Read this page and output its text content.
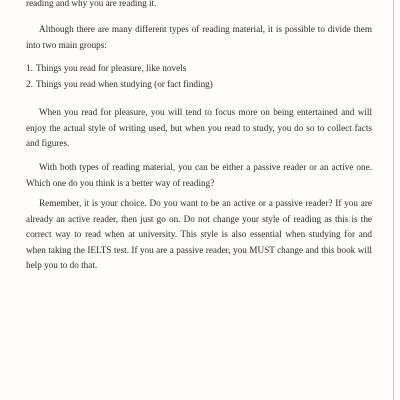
reading and why you are reading it.

Although there are many different types of reading material, it is possible to divide them into two main groups:

1. Things you read for pleasure, like novels
2. Things you read when studying (or fact finding)

When you read for pleasure, you will tend to focus more on being entertained and will enjoy the actual style of writing used, but when you read to study, you do so to collect facts and figures.

With both types of reading material, you can be either a passive reader or an active one. Which one do you think is a better way of reading?

Remember, it is your choice. Do you want to be an active or a passive reader? If you are already an active reader, then just go on. Do not change your style of reading as this is the correct way to read when at university. This style is also essential when studying for and when taking the IELTS test. If you are a passive reader, you MUST change and this book will help you to do that.
